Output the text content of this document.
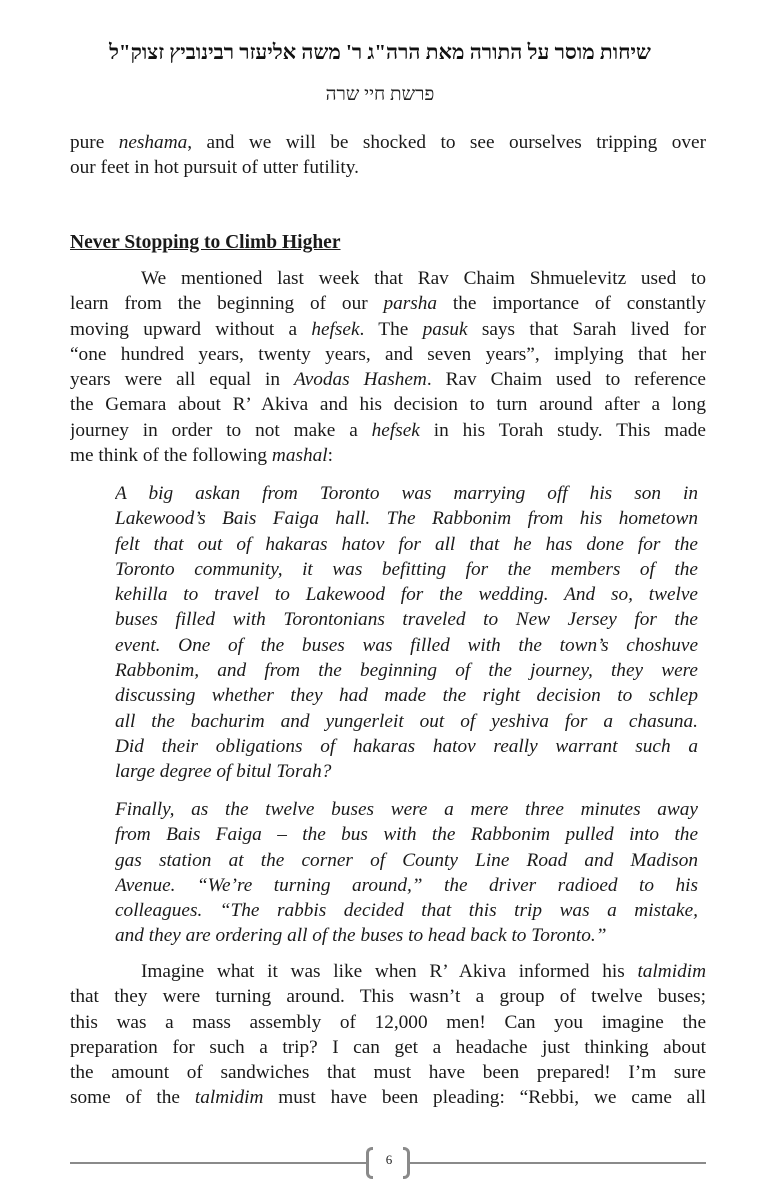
שיחות מוסר על התורה מאת הרה"ג ר' משה אליעזר רבינוביץ זצוק"ל
פרשת חיי שרה
pure neshama, and we will be shocked to see ourselves tripping over
our feet in hot pursuit of utter futility.
Never Stopping to Climb Higher
We mentioned last week that Rav Chaim Shmuelevitz used to
learn from the beginning of our parsha the importance of constantly
moving upward without a hefsek. The pasuk says that Sarah lived for
“one hundred years, twenty years, and seven years”, implying that her
years were all equal in Avodas Hashem. Rav Chaim used to reference
the Gemara about R’ Akiva and his decision to turn around after a long
journey in order to not make a hefsek in his Torah study. This made
me think of the following mashal:
A big askan from Toronto was marrying off his son in
Lakewood’s Bais Faiga hall. The Rabbonim from his hometown
felt that out of hakaras hatov for all that he has done for the
Toronto community, it was befitting for the members of the
kehilla to travel to Lakewood for the wedding. And so, twelve
buses filled with Torontonians traveled to New Jersey for the
event. One of the buses was filled with the town’s choshuve
Rabbonim, and from the beginning of the journey, they were
discussing whether they had made the right decision to schlep
all the bachurim and yungerleit out of yeshiva for a chasuna.
Did their obligations of hakaras hatov really warrant such a
large degree of bitul Torah?
Finally, as the twelve buses were a mere three minutes away
from Bais Faiga – the bus with the Rabbonim pulled into the
gas station at the corner of County Line Road and Madison
Avenue. “We’re turning around,” the driver radioed to his
colleagues. “The rabbis decided that this trip was a mistake,
and they are ordering all of the buses to head back to Toronto.”
Imagine what it was like when R’ Akiva informed his talmidim
that they were turning around. This wasn’t a group of twelve buses;
this was a mass assembly of 12,000 men! Can you imagine the
preparation for such a trip? I can get a headache just thinking about
the amount of sandwiches that must have been prepared! I’m sure
some of the talmidim must have been pleading: “Rebbi, we came all
6
